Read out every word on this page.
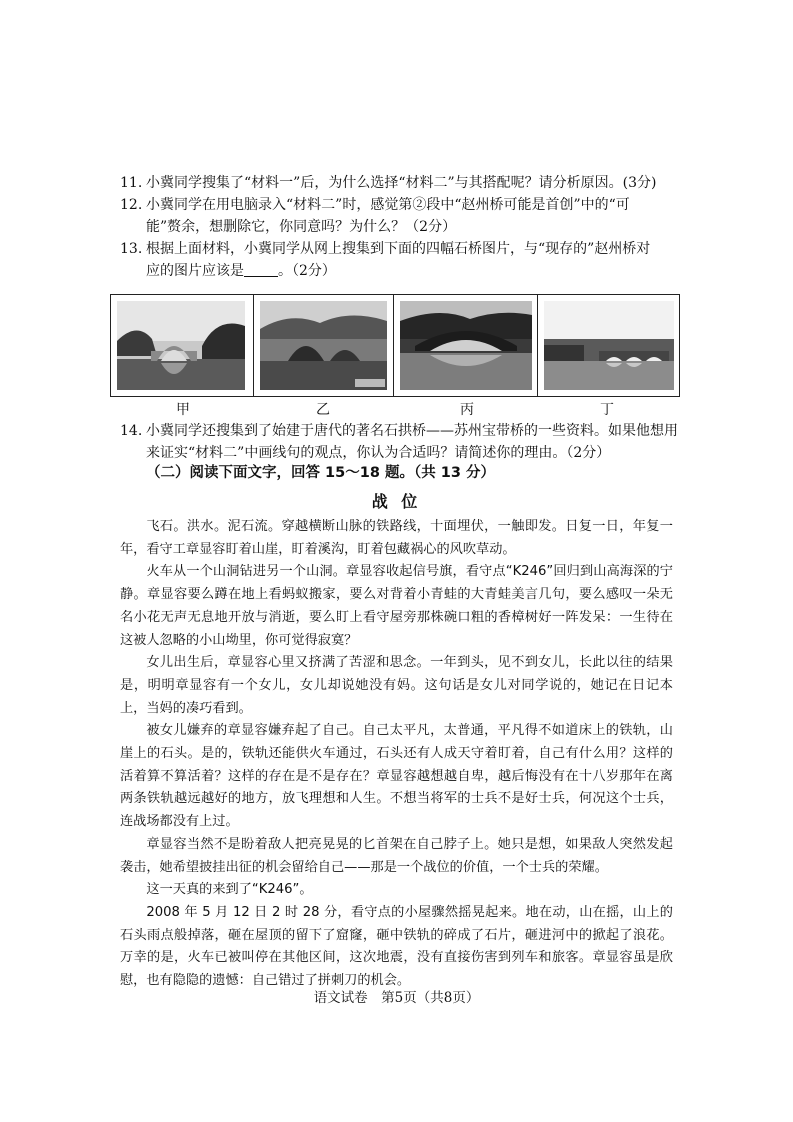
11. 小冀同学搜集了“材料一”后，为什么选择“材料二”与其搭配呢？请分析原因。(3分)
12. 小冀同学在用电脑录入“材料二”时，感觉第②段中“赵州桥可能是首创”中的“可
能”赘余，想删除它，你同意吗？为什么？（2分）
13. 根据上面材料，小冀同学从网上搜集到下面的四幅石桥图片，与“现存的”赵州桥对
应的图片应该是 。（2分）
甲	乙	丙	丁
14. 小冀同学还搜集到了始建于唐代的著名石拱桥——苏州宝带桥的一些资料。如果他想用
来证实“材料二”中画线句的观点，你认为合适吗？请简述你的理由。（2分）
（二）阅读下面文字，回答 15～18 题。（共 13 分）
战 位

飞石。洪水。泥石流。穿越横断山脉的铁路线，十面埋伏，一触即发。日复一日，年复一年，看守工章显容盯着山崖，盯着溪沟，盯着包藏祸心的风吹草动。

火车从一个山洞钻进另一个山洞。章显容收起信号旗，看守点“K246”回归到山高海深的宁静。章显容要么蹲在地上看蚂蚁搬家，要么对背着小青蛙的大青蛙美言几句，要么感叹一朵无名小花无声无息地开放与消逝，要么盯上看守屋旁那株碗口粗的香樟树好一阵发呆：一生待在这被人忽略的小山坳里，你可觉得寂寞？

女儿出生后，章显容心里又挤满了苦涩和思念。一年到头，见不到女儿，长此以往的结果是，明明章显容有一个女儿，女儿却说她没有妈。这句话是女儿对同学说的，她记在日记本上，当妈的凑巧看到。

被女儿嫌弃的章显容嫌弃起了自己。自己太平凡，太普通，平凡得不如道床上的铁轨，山崖上的石头。是的，铁轨还能供火车通过，石头还有人成天守着盯着，自己有什么用？这样的活着算不算活着？这样的存在是不是存在？章显容越想越自卑，越后悔没有在十八岁那年在离两条铁轨越远越好的地方，放飞理想和人生。不想当将军的士兵不是好士兵，何况这个士兵，连战场都没有上过。

章显容当然不是盼着敌人把亮晃晃的匕首架在自己脖子上。她只是想，如果敌人突然发起袭击，她希望披挂出征的机会留给自己——那是一个战位的价值，一个士兵的荣耀。

这一天真的来到了“K246”。

2008 年 5 月 12 日 2 时 28 分，看守点的小屋骤然摇晃起来。地在动，山在摇，山上的石头雨点般掉落，砸在屋顶的留下了窟窿，砸中铁轨的碎成了石片，砸进河中的掀起了浪花。万幸的是，火车已被叫停在其他区间，这次地震，没有直接伤害到列车和旅客。章显容虽是欣慰，也有隐隐的遗憾：自己错过了拼刺刀的机会。

语文试卷　第5页（共8页）
